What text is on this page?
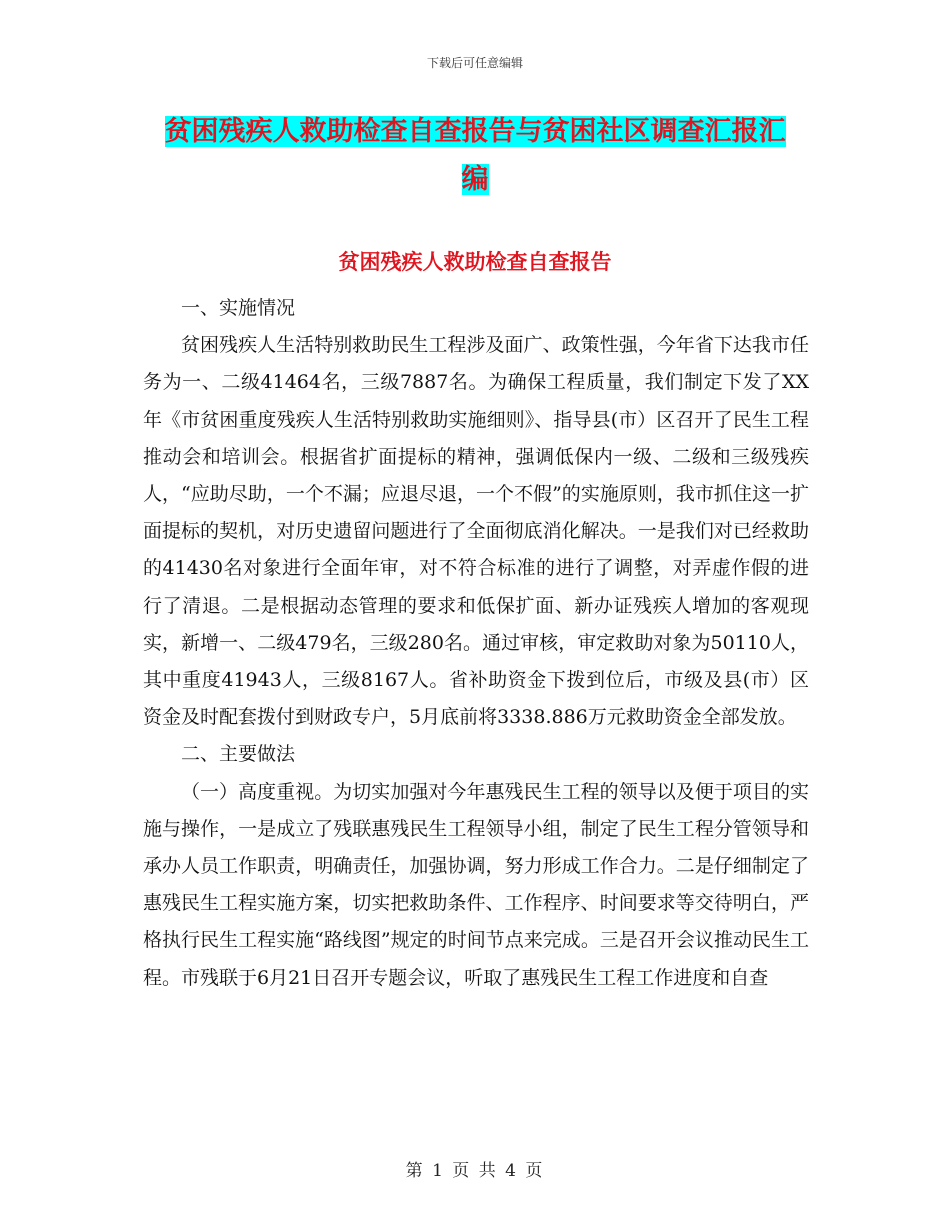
下载后可任意编辑
贫困残疾人救助检查自查报告与贫困社区调查汇报汇
编
贫困残疾人救助检查自查报告

一、实施情况

贫困残疾人生活特别救助民生工程涉及面广、政策性强，今年省下达我市任务为一、二级41464名，三级7887名。为确保工程质量，我们制定下发了XX年《市贫困重度残疾人生活特别救助实施细则》、指导县(市）区召开了民生工程推动会和培训会。根据省扩面提标的精神，强调低保内一级、二级和三级残疾人，“应助尽助，一个不漏；应退尽退，一个不假”的实施原则，我市抓住这一扩面提标的契机，对历史遗留问题进行了全面彻底消化解决。一是我们对已经救助的41430名对象进行全面年审，对不符合标准的进行了调整，对弄虚作假的进行了清退。二是根据动态管理的要求和低保扩面、新办证残疾人增加的客观现实，新增一、二级479名，三级280名。通过审核，审定救助对象为50110人，其中重度41943人，三级8167人。省补助资金下拨到位后，市级及县(市）区资金及时配套拨付到财政专户，5月底前将3338.886万元救助资金全部发放。

二、主要做法

（一）高度重视。为切实加强对今年惠残民生工程的领导以及便于项目的实施与操作，一是成立了残联惠残民生工程领导小组，制定了民生工程分管领导和承办人员工作职责，明确责任，加强协调，努力形成工作合力。二是仔细制定了惠残民生工程实施方案，切实把救助条件、工作程序、时间要求等交待明白，严格执行民生工程实施“路线图”规定的时间节点来完成。三是召开会议推动民生工程。市残联于6月21日召开专题会议，听取了惠残民生工程工作进度和自查

第 1 页 共 4 页
